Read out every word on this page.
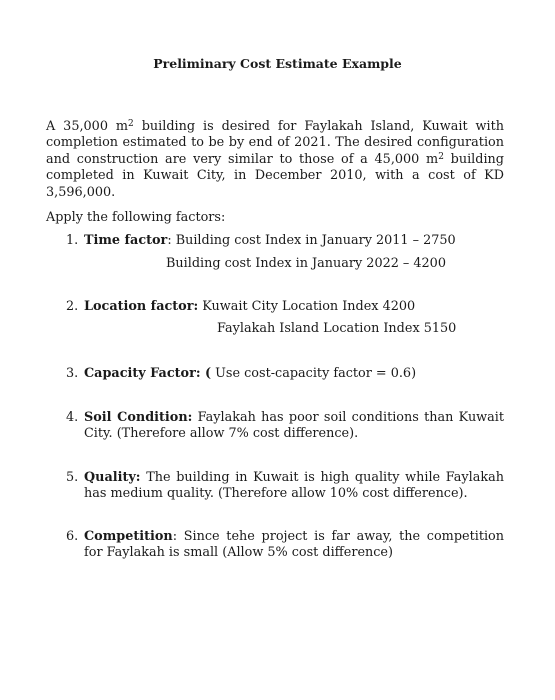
Preliminary Cost Estimate Example
A 35,000 $m^2$ building is desired for Faylakah Island, Kuwait with completion estimated to be by end of 2021. The desired configuration and construction are very similar to those of a 45,000 $m^2$ building completed in Kuwait City, in December 2010, with a cost of KD 3,596,000.
Apply the following factors:
1. Time factor: Building cost Index in January 2011 – 2750
Building cost Index in January 2022 – 4200
2. Location factor: Kuwait City Location Index 4200
Faylakah Island Location Index 5150
3. Capacity Factor: ( Use cost-capacity factor = 0.6)
4. Soil Condition: Faylakah has poor soil conditions than Kuwait City. (Therefore allow 7% cost difference).
5. Quality: The building in Kuwait is high quality while Faylakah has medium quality. (Therefore allow 10% cost difference).
6. Competition: Since tehe project is far away, the competition for Faylakah is small (Allow 5% cost difference)
